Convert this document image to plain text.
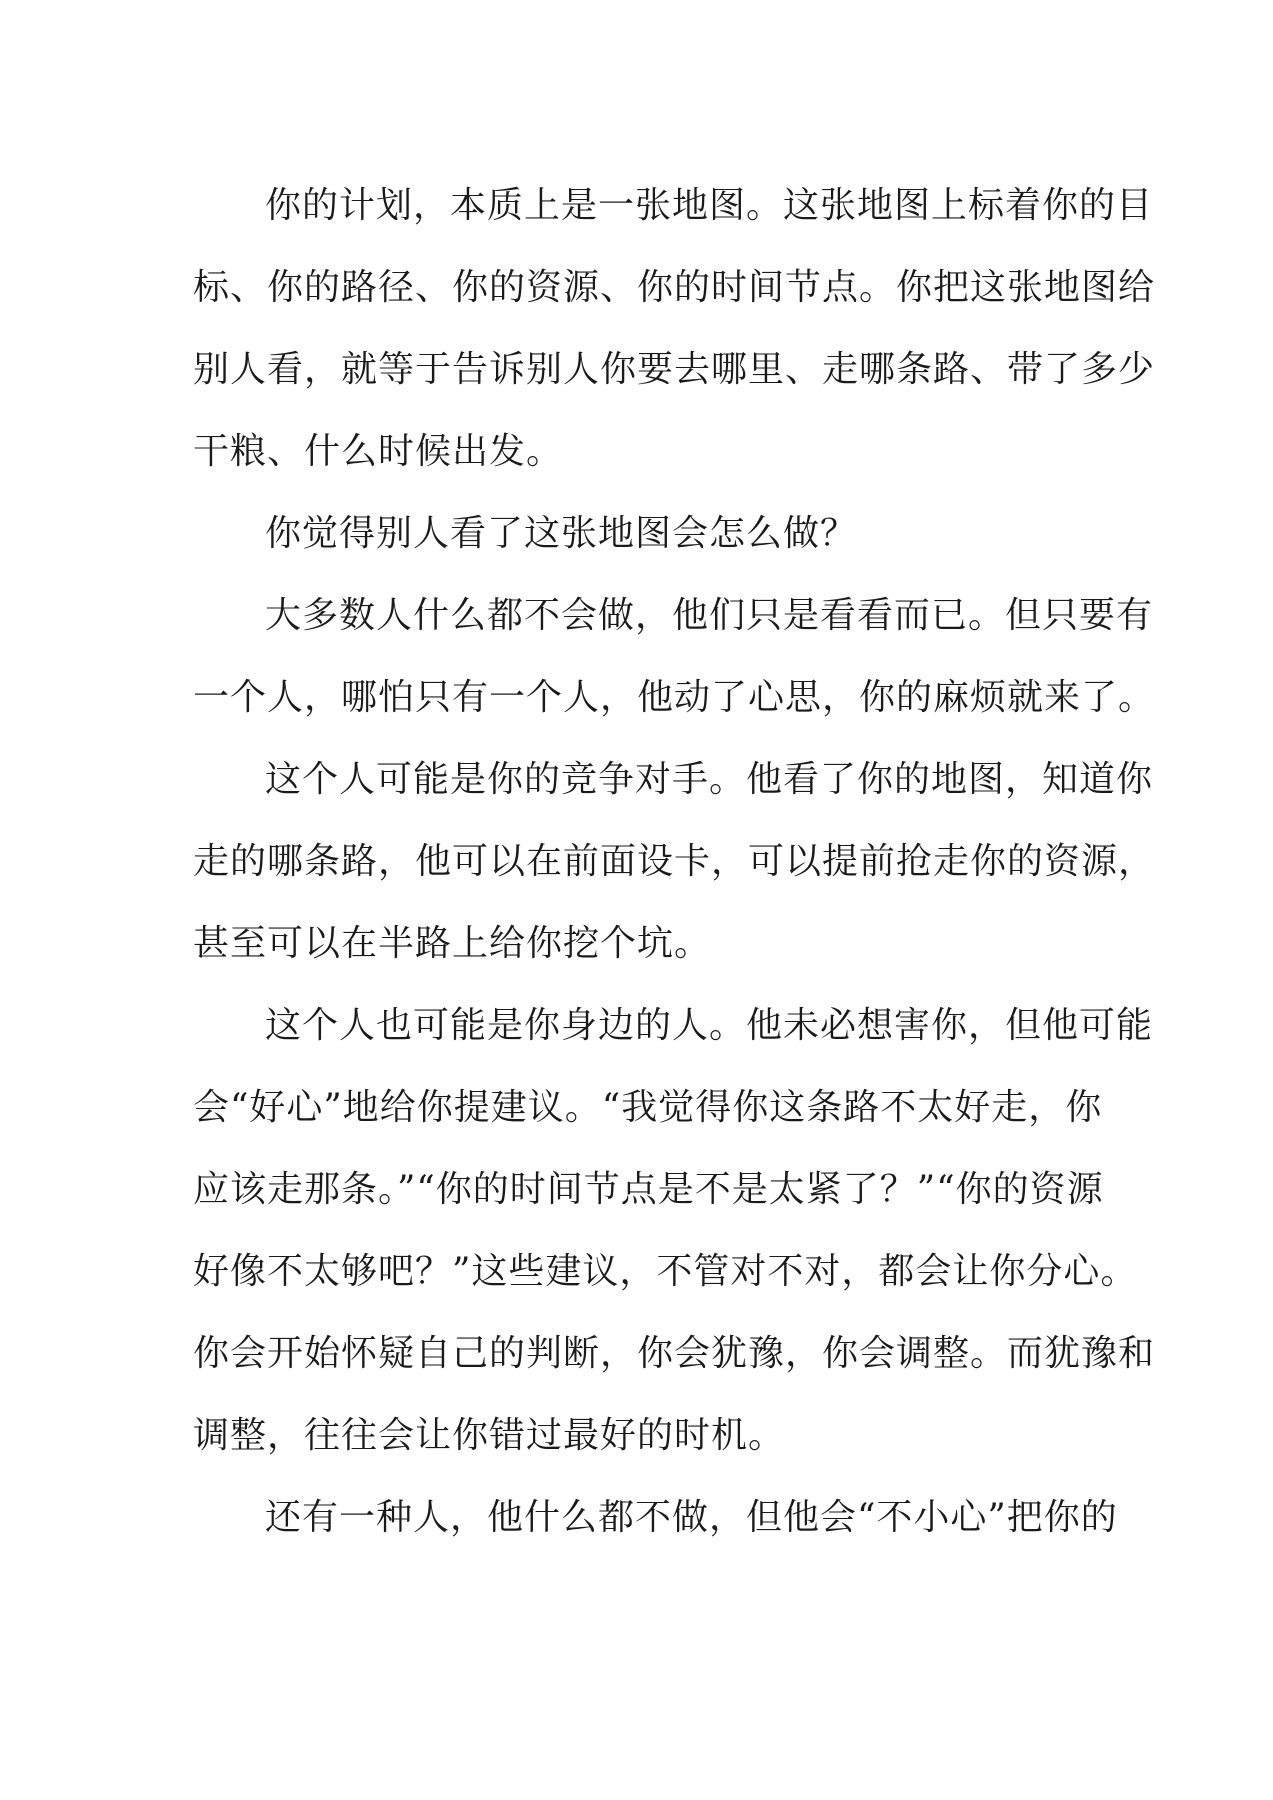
你的计划，本质上是一张地图。这张地图上标着你的目
标、你的路径、你的资源、你的时间节点。你把这张地图给
别人看，就等于告诉别人你要去哪里、走哪条路、带了多少
干粮、什么时候出发。
你觉得别人看了这张地图会怎么做？
大多数人什么都不会做，他们只是看看而已。但只要有
一个人，哪怕只有一个人，他动了心思，你的麻烦就来了。
这个人可能是你的竞争对手。他看了你的地图，知道你
走的哪条路，他可以在前面设卡，可以提前抢走你的资源，
甚至可以在半路上给你挖个坑。
这个人也可能是你身边的人。他未必想害你，但他可能
会“好心”地给你提建议。“我觉得你这条路不太好走，你
应该走那条。”“你的时间节点是不是太紧了？”“你的资源
好像不太够吧？”这些建议，不管对不对，都会让你分心。
你会开始怀疑自己的判断，你会犹豫，你会调整。而犹豫和
调整，往往会让你错过最好的时机。
还有一种人，他什么都不做，但他会“不小心”把你的
